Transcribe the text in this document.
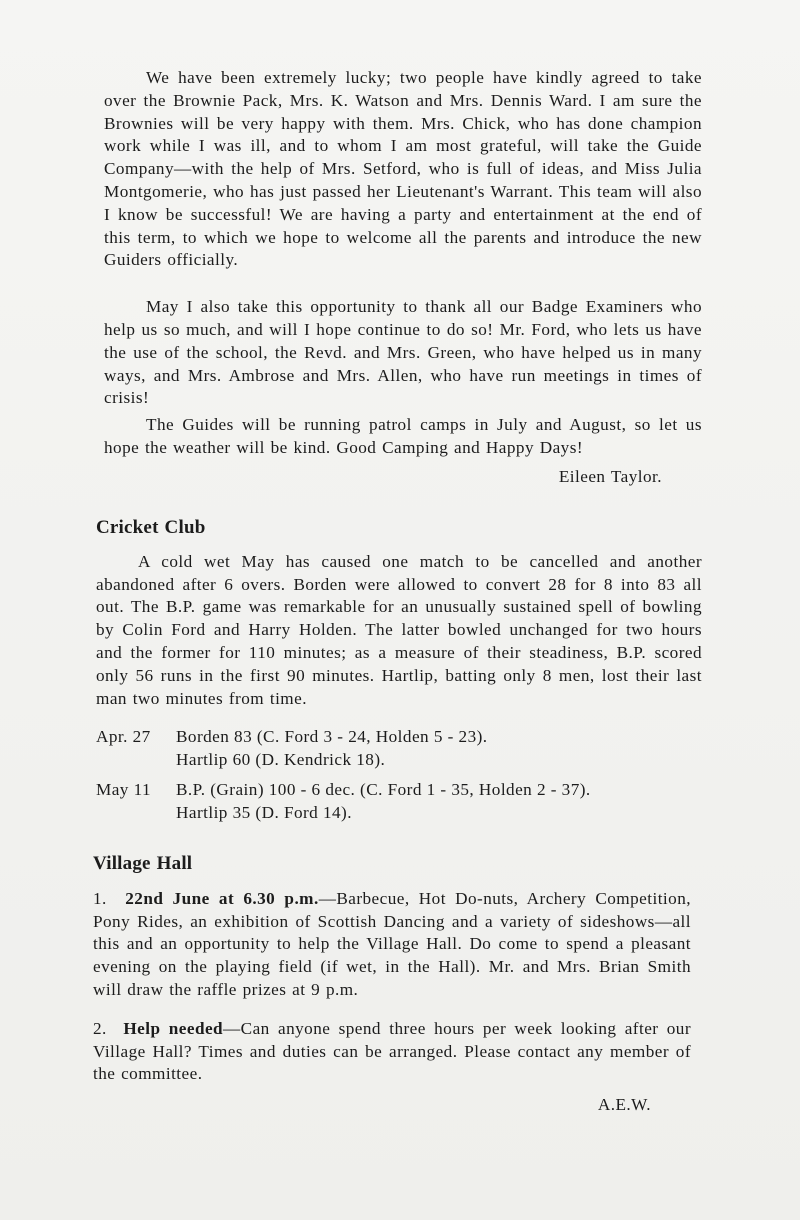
We have been extremely lucky; two people have kindly agreed to take over the Brownie Pack, Mrs. K. Watson and Mrs. Dennis Ward. I am sure the Brownies will be very happy with them. Mrs. Chick, who has done champion work while I was ill, and to whom I am most grateful, will take the Guide Company—with the help of Mrs. Setford, who is full of ideas, and Miss Julia Montgomerie, who has just passed her Lieutenant's Warrant. This team will also I know be successful! We are having a party and entertainment at the end of this term, to which we hope to welcome all the parents and introduce the new Guiders officially.

May I also take this opportunity to thank all our Badge Examiners who help us so much, and will I hope continue to do so! Mr. Ford, who lets us have the use of the school, the Revd. and Mrs. Green, who have helped us in many ways, and Mrs. Ambrose and Mrs. Allen, who have run meetings in times of crisis!

The Guides will be running patrol camps in July and August, so let us hope the weather will be kind. Good Camping and Happy Days!

Eileen Taylor.

Cricket Club

A cold wet May has caused one match to be cancelled and another abandoned after 6 overs. Borden were allowed to convert 28 for 8 into 83 all out. The B.P. game was remarkable for an unusually sustained spell of bowling by Colin Ford and Harry Holden. The latter bowled unchanged for two hours and the former for 110 minutes; as a measure of their steadiness, B.P. scored only 56 runs in the first 90 minutes. Hartlip, batting only 8 men, lost their last man two minutes from time.

Apr. 27	Borden 83 (C. Ford 3 - 24, Holden 5 - 23).
Hartlip 60 (D. Kendrick 18).
May 11	B.P. (Grain) 100 - 6 dec. (C. Ford 1 - 35, Holden 2 - 37).
Hartlip 35 (D. Ford 14).

Village Hall

1. 22nd June at 6.30 p.m.—Barbecue, Hot Do-nuts, Archery Competition, Pony Rides, an exhibition of Scottish Dancing and a variety of sideshows—all this and an opportunity to help the Village Hall. Do come to spend a pleasant evening on the playing field (if wet, in the Hall). Mr. and Mrs. Brian Smith will draw the raffle prizes at 9 p.m.

2. Help needed—Can anyone spend three hours per week looking after our Village Hall? Times and duties can be arranged. Please contact any member of the committee.

A.E.W.
